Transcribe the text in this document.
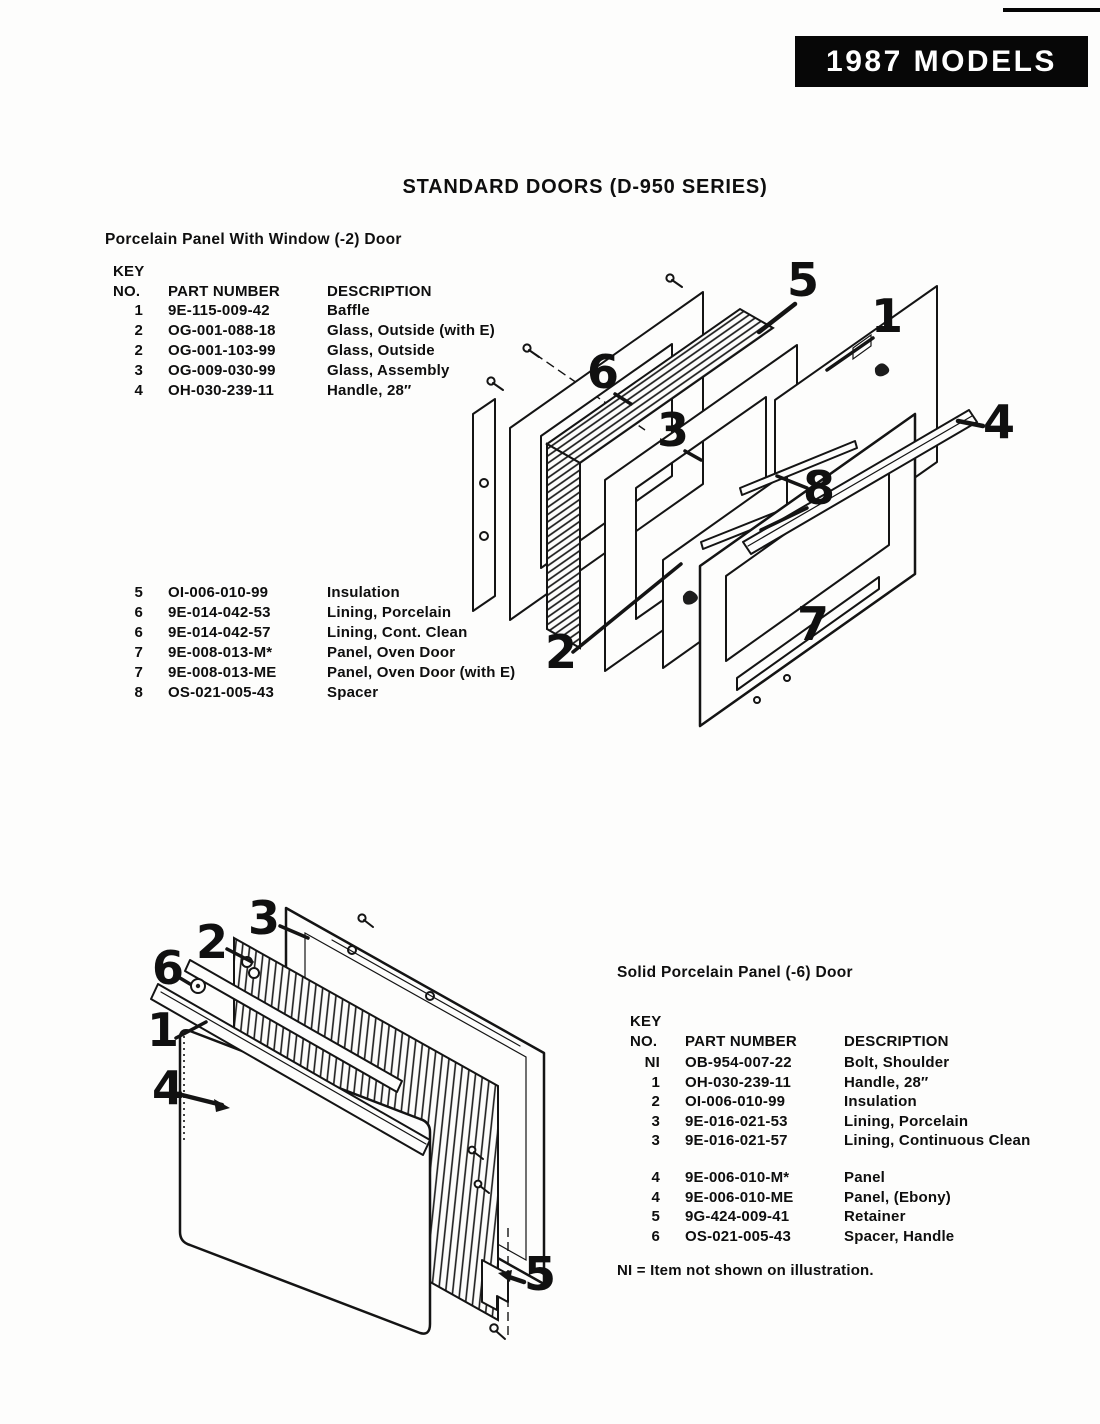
1987 MODELS
STANDARD DOORS (D-950 SERIES)
Porcelain Panel With Window (-2) Door
KEY
NO.	PART NUMBER	DESCRIPTION
1	9E-115-009-42	Baffle
2	OG-001-088-18	Glass, Outside (with E)
2	OG-001-103-99	Glass, Outside
3	OG-009-030-99	Glass, Assembly
4	OH-030-239-11	Handle, 28″
5	OI-006-010-99	Insulation
6	9E-014-042-53	Lining, Porcelain
6	9E-014-042-57	Lining, Cont. Clean
7	9E-008-013-M*	Panel, Oven Door
7	9E-008-013-ME	Panel, Oven Door (with E)
8	OS-021-005-43	Spacer
5
1
6
3	4
8
2
7
Solid Porcelain Panel (-6) Door
KEY
NO.	PART NUMBER	DESCRIPTION
NI	OB-954-007-22	Bolt, Shoulder
1	OH-030-239-11	Handle, 28″
2	OI-006-010-99	Insulation
3	9E-016-021-53	Lining, Porcelain
3	9E-016-021-57	Lining, Continuous Clean
4	9E-006-010-M*	Panel
4	9E-006-010-ME	Panel, (Ebony)
5	9G-424-009-41	Retainer
6	OS-021-005-43	Spacer, Handle
NI = Item not shown on illustration.
3
2
6
1
4
5
